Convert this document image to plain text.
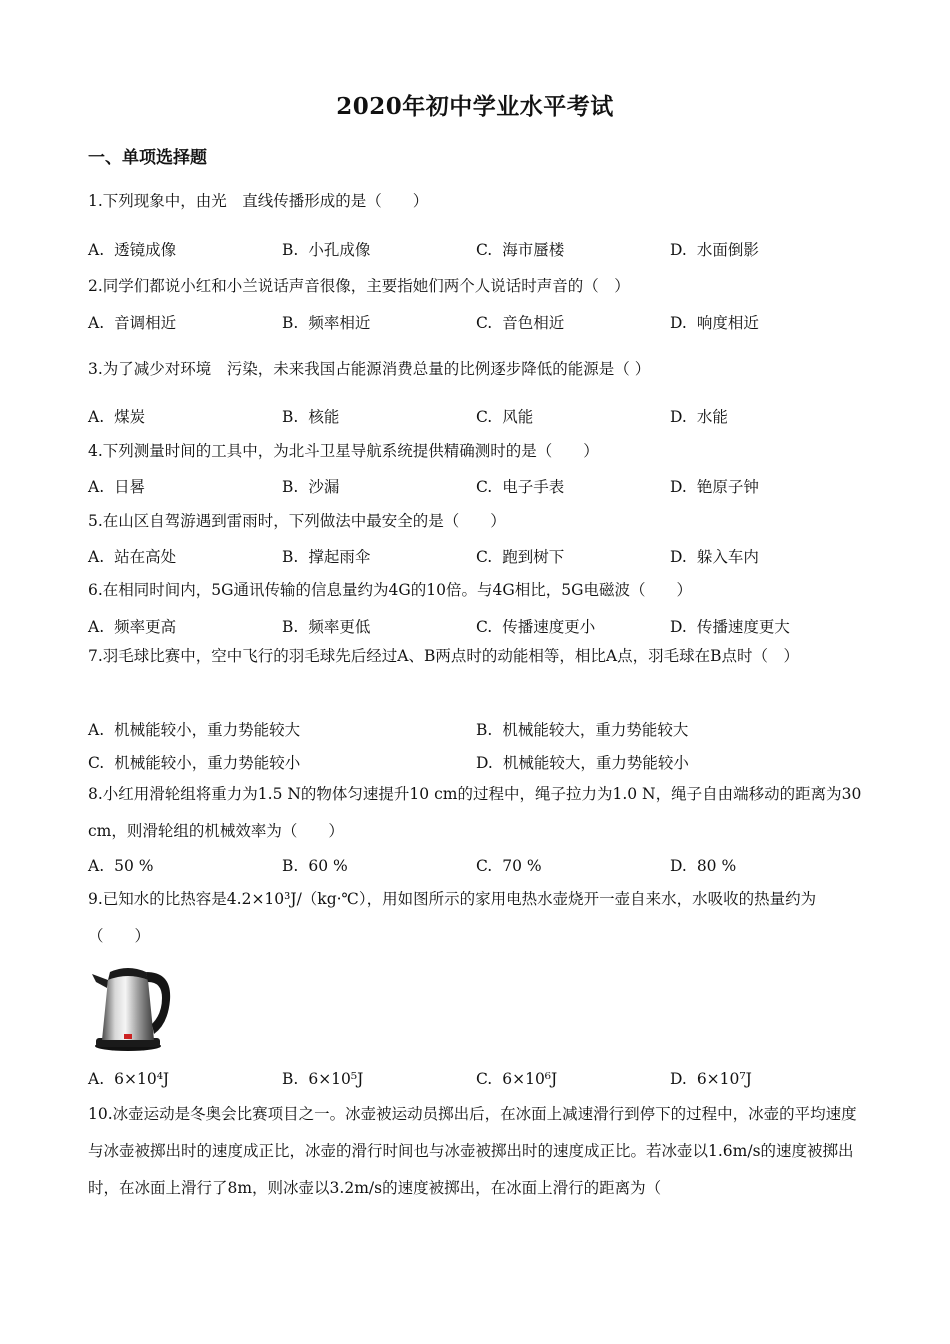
2020年初中学业水平考试
一、单项选择题
1.下列现象中，由光　直线传播形成的是（　　）
A. 透镜成像	B. 小孔成像	C. 海市蜃楼	D. 水面倒影
2.同学们都说小红和小兰说话声音很像，主要指她们两个人说话时声音的（　）
A. 音调相近	B. 频率相近	C. 音色相近	D. 响度相近
3.为了减少对环境　污染，未来我国占能源消费总量的比例逐步降低的能源是（ ）
A. 煤炭	B. 核能	C. 风能	D. 水能
4.下列测量时间的工具中，为北斗卫星导航系统提供精确测时的是（　　）
A. 日晷	B. 沙漏	C. 电子手表	D. 铯原子钟
5.在山区自驾游遇到雷雨时，下列做法中最安全的是（　　）
A. 站在高处	B. 撑起雨伞	C. 跑到树下	D. 躲入车内
6.在相同时间内，5G通讯传输的信息量约为4G的10倍。与4G相比，5G电磁波（　　）
A. 频率更高	B. 频率更低	C. 传播速度更小	D. 传播速度更大
7.羽毛球比赛中，空中飞行的羽毛球先后经过A、B两点时的动能相等，相比A点，羽毛球在B点时（　）
A. 机械能较小，重力势能较大	B. 机械能较大，重力势能较大
C. 机械能较小，重力势能较小	D. 机械能较大，重力势能较小
8.小红用滑轮组将重力为1.5 N的物体匀速提升10 cm的过程中，绳子拉力为1.0 N，绳子自由端移动的距离为30 cm，则滑轮组的机械效率为（　　）
A. 50 %	B. 60 %	C. 70 %	D. 80 %
9.已知水的比热容是4.2×10³J/（kg·℃），用如图所示的家用电热水壶烧开一壶自来水，水吸收的热量约为（　　）
A. 6×10⁴J	B. 6×10⁵J	C. 6×10⁶J	D. 6×10⁷J
10.冰壶运动是冬奥会比赛项目之一。冰壶被运动员掷出后，在冰面上减速滑行到停下的过程中，冰壶的平均速度与冰壶被掷出时的速度成正比，冰壶的滑行时间也与冰壶被掷出时的速度成正比。若冰壶以1.6m/s的速度被掷出时，在冰面上滑行了8m，则冰壶以3.2m/s的速度被掷出，在冰面上滑行的距离为（
